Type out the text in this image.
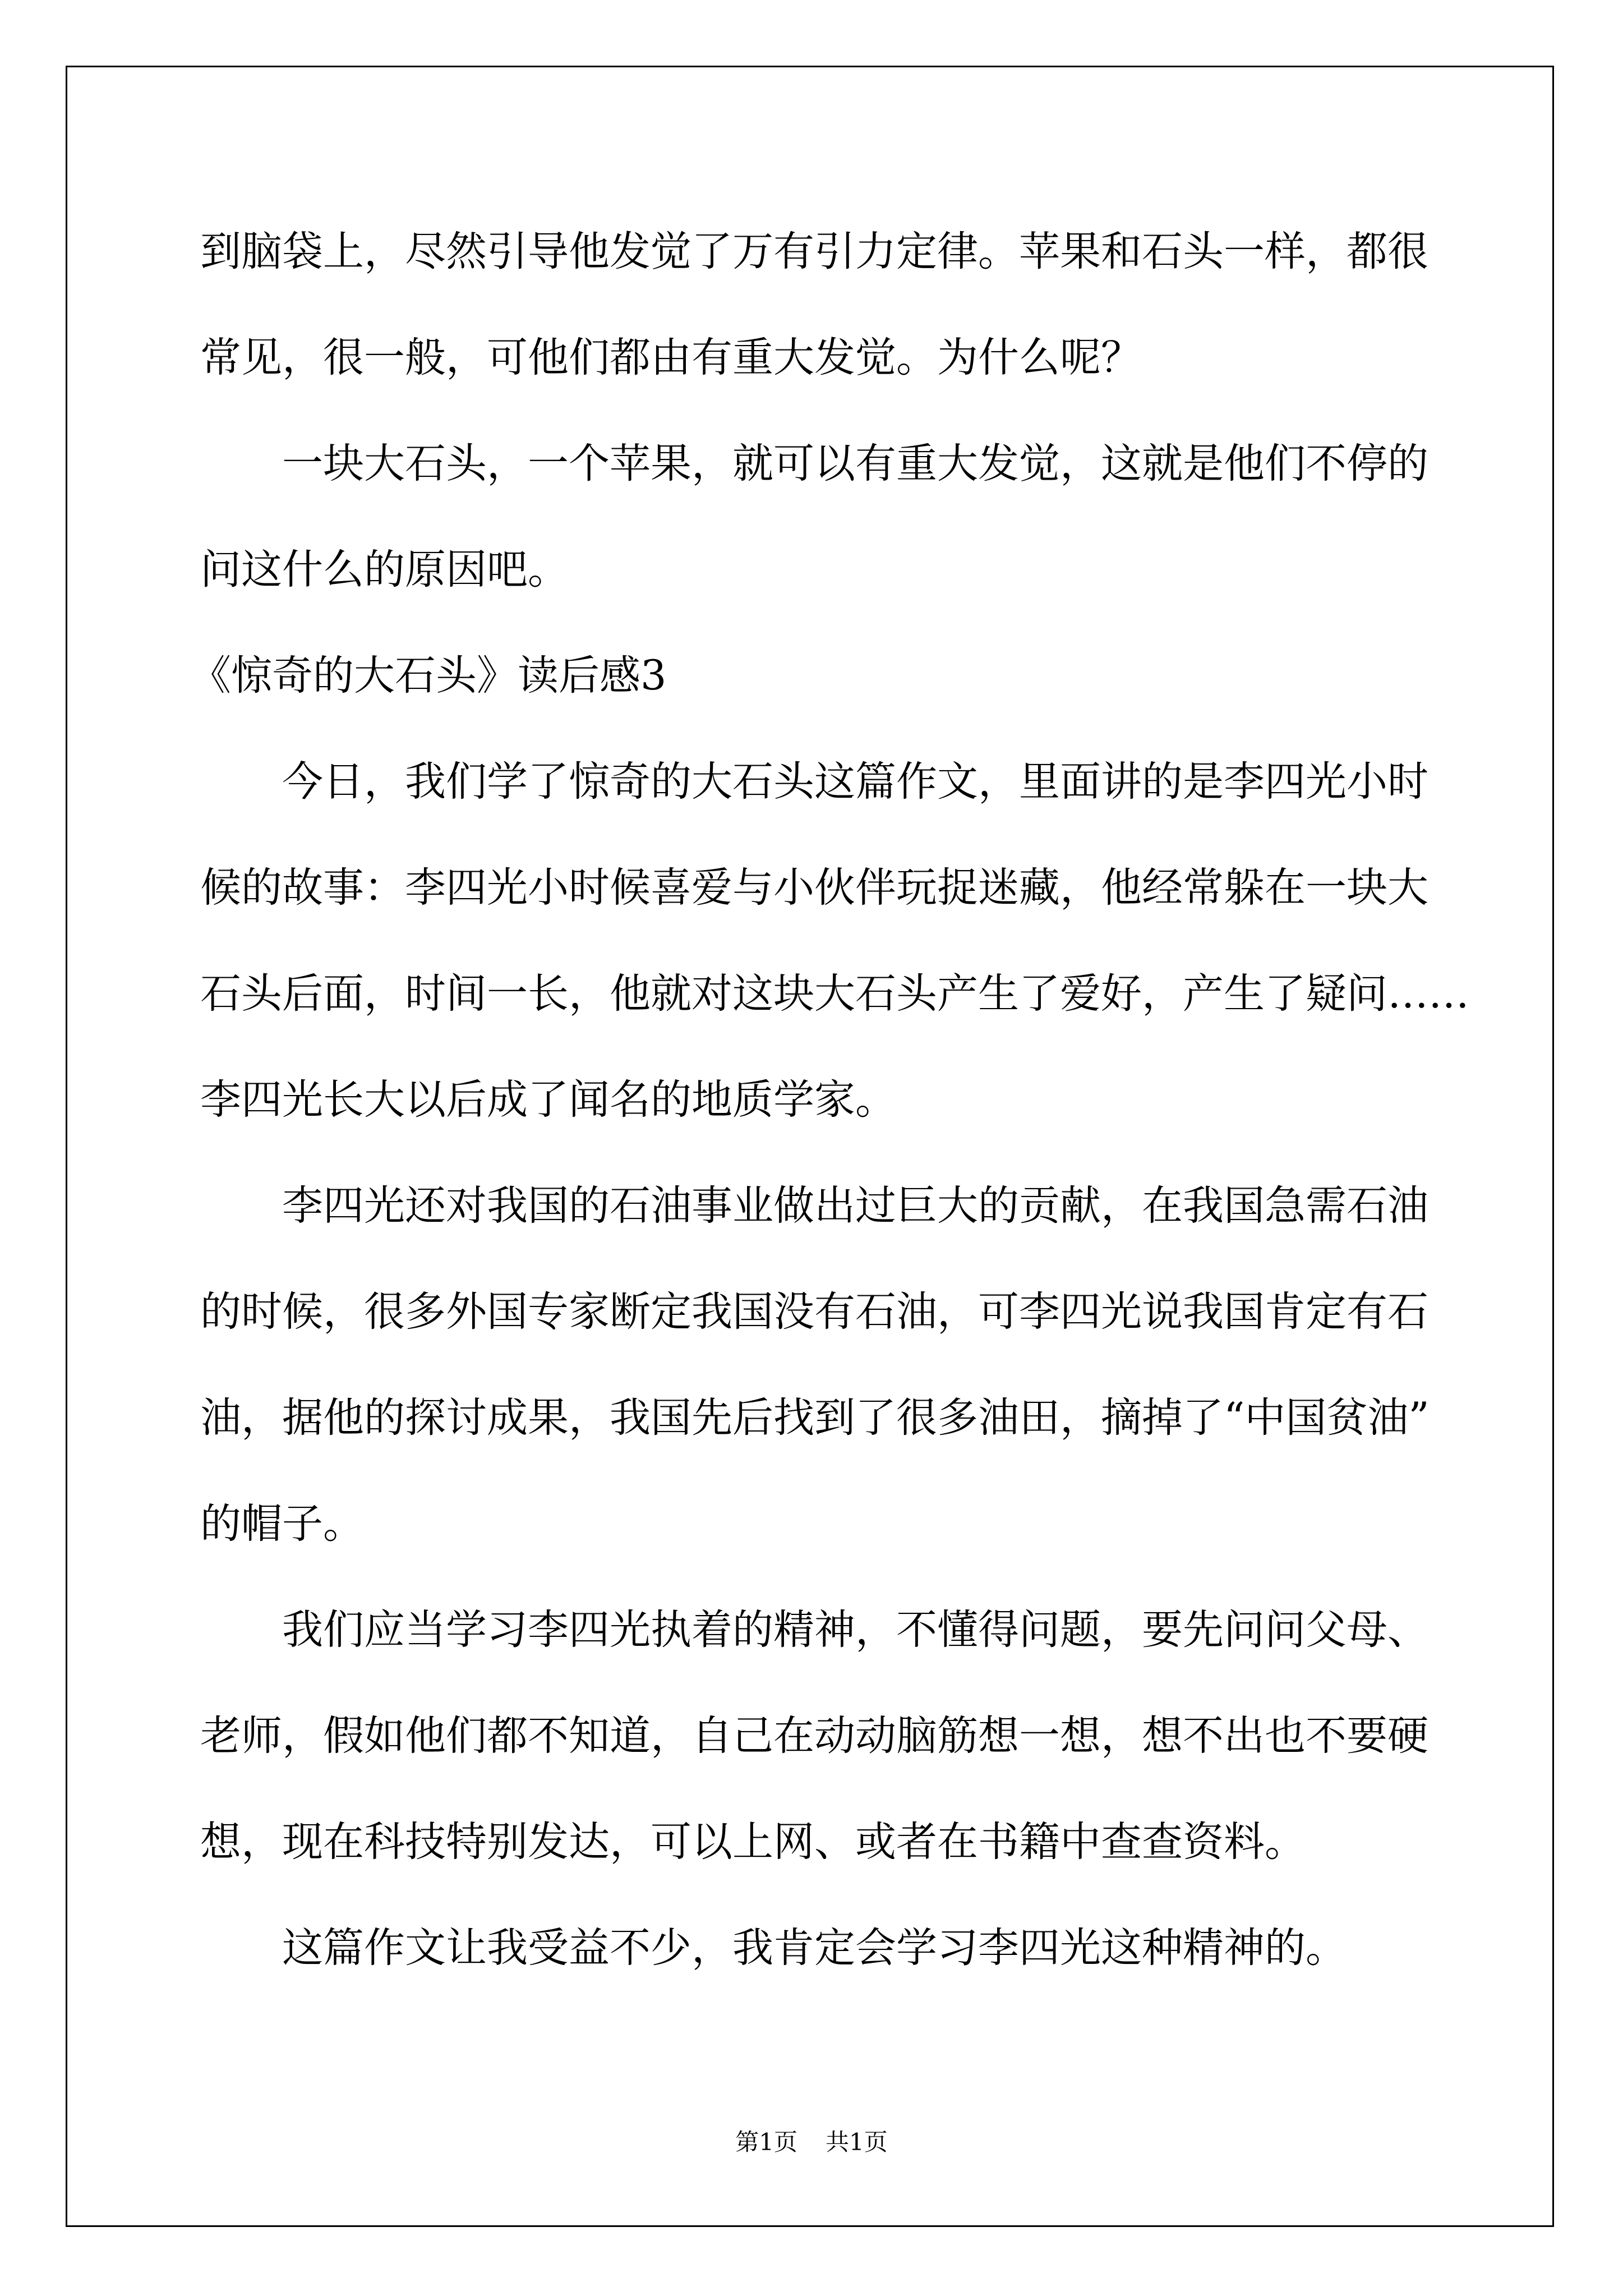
到脑袋上，尽然引导他发觉了万有引力定律。苹果和石头一样，都很
常见，很一般，可他们都由有重大发觉。为什么呢？
一块大石头，一个苹果，就可以有重大发觉，这就是他们不停的
问这什么的原因吧。
《惊奇的大石头》读后感3
今日，我们学了惊奇的大石头这篇作文，里面讲的是李四光小时
候的故事：李四光小时候喜爱与小伙伴玩捉迷藏，他经常躲在一块大
石头后面，时间一长，他就对这块大石头产生了爱好，产生了疑问……
李四光长大以后成了闻名的地质学家。
李四光还对我国的石油事业做出过巨大的贡献，在我国急需石油
的时候，很多外国专家断定我国没有石油，可李四光说我国肯定有石
油，据他的探讨成果，我国先后找到了很多油田，摘掉了“中国贫油”
的帽子。
我们应当学习李四光执着的精神，不懂得问题，要先问问父母、
老师，假如他们都不知道，自己在动动脑筋想一想，想不出也不要硬
想，现在科技特别发达，可以上网、或者在书籍中查查资料。
这篇作文让我受益不少，我肯定会学习李四光这种精神的。
第1页 共1页
